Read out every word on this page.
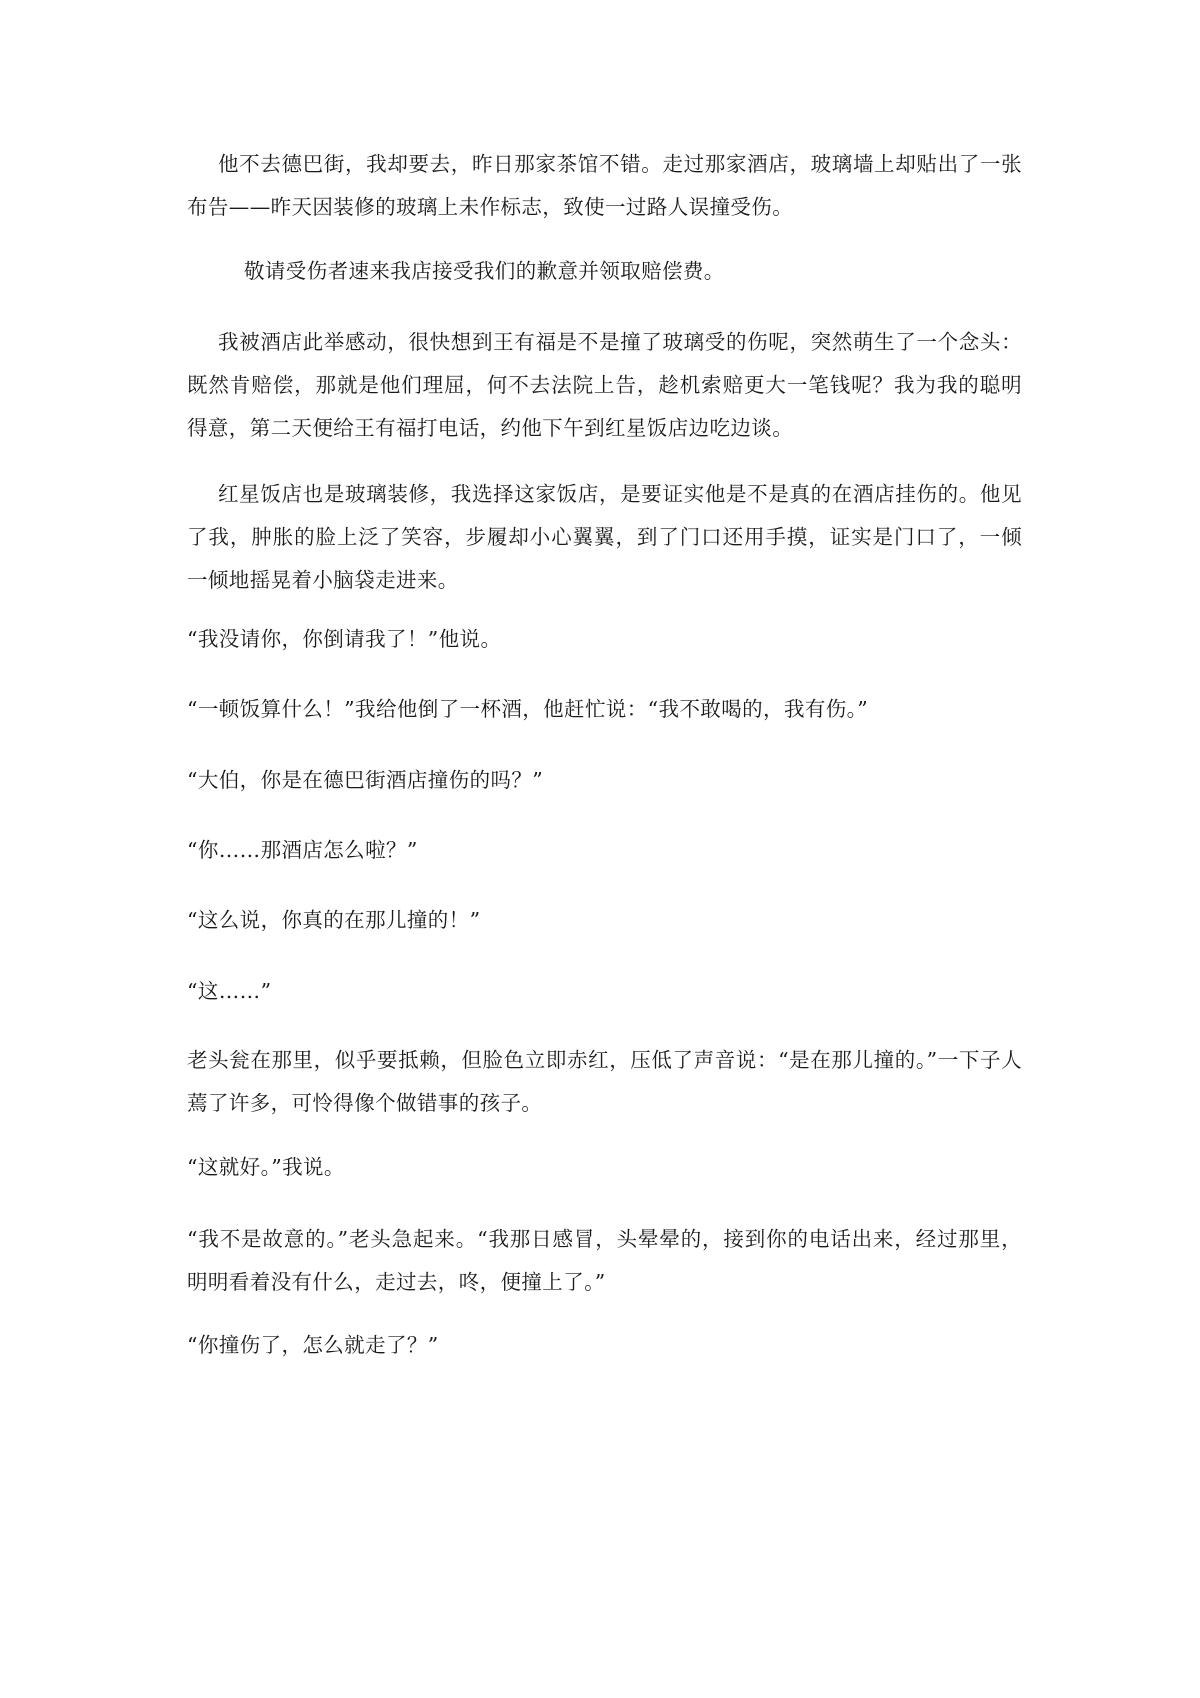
他不去德巴街，我却要去，昨日那家茶馆不错。走过那家酒店，玻璃墙上却贴出了一张布告——昨天因装修的玻璃上未作标志，致使一过路人误撞受伤。

敬请受伤者速来我店接受我们的歉意并领取赔偿费。

我被酒店此举感动，很快想到王有福是不是撞了玻璃受的伤呢，突然萌生了一个念头：既然肯赔偿，那就是他们理屈，何不去法院上告，趁机索赔更大一笔钱呢？我为我的聪明得意，第二天便给王有福打电话，约他下午到红星饭店边吃边谈。

红星饭店也是玻璃装修，我选择这家饭店，是要证实他是不是真的在酒店挂伤的。他见了我，肿胀的脸上泛了笑容，步履却小心翼翼，到了门口还用手摸，证实是门口了，一倾一倾地摇晃着小脑袋走进来。

“我没请你，你倒请我了！”他说。

“一顿饭算什么！”我给他倒了一杯酒，他赶忙说：“我不敢喝的，我有伤。”

“大伯，你是在德巴街酒店撞伤的吗？”

“你……那酒店怎么啦？”

“这么说，你真的在那儿撞的！”

“这……”

老头瓮在那里，似乎要抵赖，但脸色立即赤红，压低了声音说：“是在那儿撞的。”一下子人蔫了许多，可怜得像个做错事的孩子。

“这就好。”我说。

“我不是故意的。”老头急起来。“我那日感冒，头晕晕的，接到你的电话出来，经过那里，明明看着没有什么，走过去，咚，便撞上了。”

“你撞伤了，怎么就走了？”
